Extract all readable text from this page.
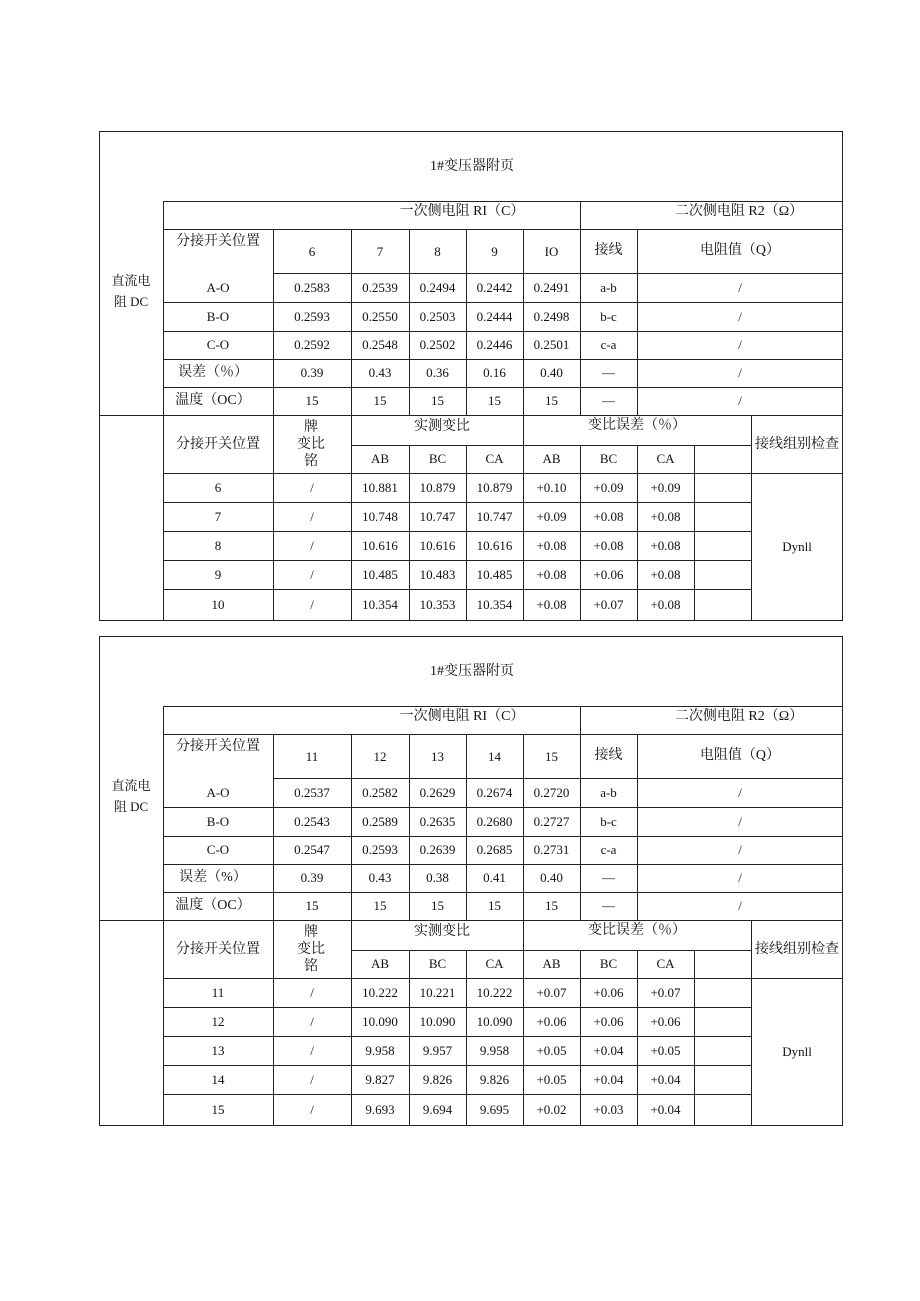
1#变压器附页
直流电
阻 DC
一次侧电阻 RI（C）	二次侧电阻 R2（Ω）
分接开关位置
6	7	8	9	IO	接线	电阻值（Q）
A-O	0.2583	0.2539	0.2494	0.2442	0.2491	a-b	/
B-O	0.2593	0.2550	0.2503	0.2444	0.2498	b-c	/
C-O	0.2592	0.2548	0.2502	0.2446	0.2501	c-a	/
误差（％）	0.39	0.43	0.36	0.16	0.40	—	/
温度（OC）	15	15	15	15	15	—	/
分接开关位置
牌
变比
铭
实测变比	变比误差（％）
接线组别检查
AB	BC	CA	AB	BC	CA
6	/	10.881	10.879	10.879	+0.10	+0.09	+0.09
7	/	10.748	10.747	10.747	+0.09	+0.08	+0.08
8	/	10.616	10.616	10.616	+0.08	+0.08	+0.08
9	/	10.485	10.483	10.485	+0.08	+0.06	+0.08
10	/	10.354	10.353	10.354	+0.08	+0.07	+0.08
Dynll
1#变压器附页
直流电
阻 DC
一次侧电阻 RI（C）	二次侧电阻 R2（Ω）
分接开关位置
11	12	13	14	15	接线	电阻值（Q）
A-O	0.2537	0.2582	0.2629	0.2674	0.2720	a-b	/
B-O	0.2543	0.2589	0.2635	0.2680	0.2727	b-c	/
C-O	0.2547	0.2593	0.2639	0.2685	0.2731	c-a	/
误差（%）	0.39	0.43	0.38	0.41	0.40	—	/
温度（OC）	15	15	15	15	15	—	/
分接开关位置
牌
变比
铭
实测变比	变比误差（％）
接线组别检查
AB	BC	CA	AB	BC	CA
11	/	10.222	10.221	10.222	+0.07	+0.06	+0.07
12	/	10.090	10.090	10.090	+0.06	+0.06	+0.06
13	/	9.958	9.957	9.958	+0.05	+0.04	+0.05
14	/	9.827	9.826	9.826	+0.05	+0.04	+0.04
15	/	9.693	9.694	9.695	+0.02	+0.03	+0.04
Dynll
